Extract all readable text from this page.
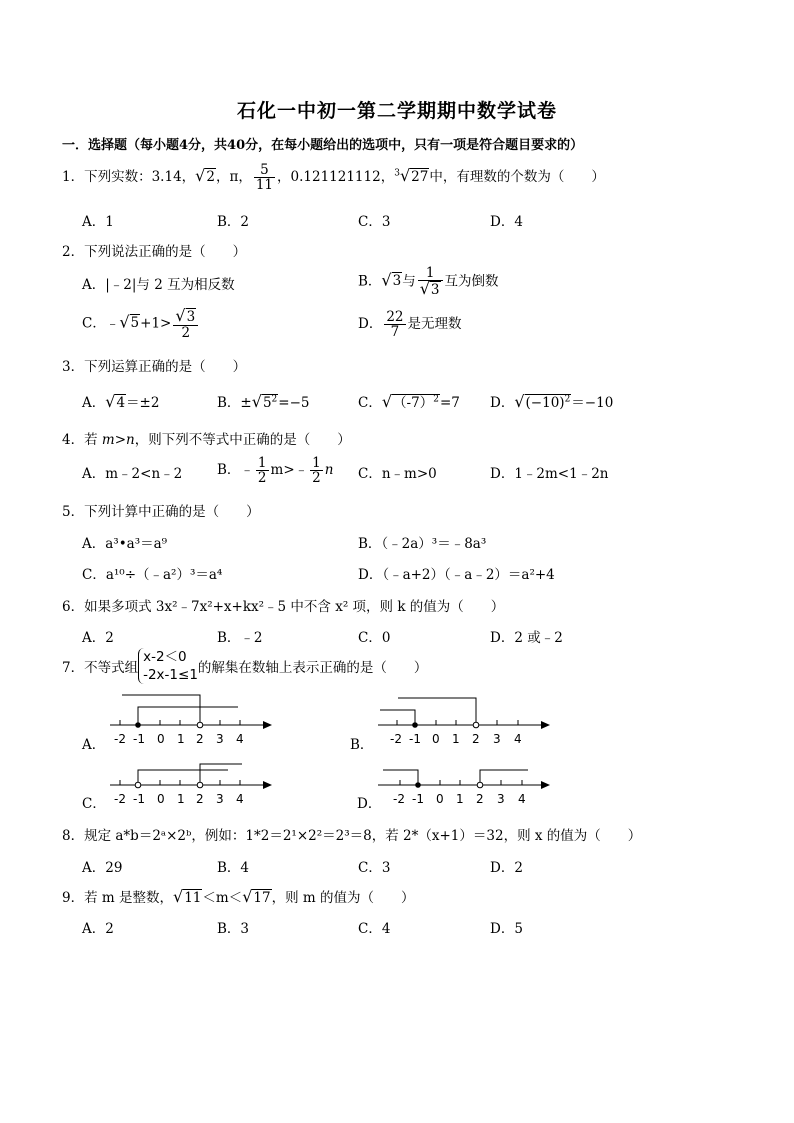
石化一中初一第二学期期中数学试卷
一．选择题（每小题4分，共40分，在每小题给出的选项中，只有一项是符合题目要求的）
1．下列实数：3.14，√2，π， $\frac{5}{11}$ ，0.121121112，$^3$√27中，有理数的个数为（　　）
A．1	B．2	C．3	D．4
2．下列说法正确的是（　　）
A．|﹣2|与 2 互为相反数	B．√3与 $\frac{1}{√3}$ 互为倒数
C．﹣√5+1> $\frac{√3}{2}$	D． $\frac{22}{7}$ 是无理数
3．下列运算正确的是（　　）
A．√4＝±2	B．$\pm√5^2=-5$	C．$√(-7)^2=7$ D．$√(-10)^2=-10$
4．若 m>n，则下列不等式中正确的是（　　）
A．m﹣2<n﹣2	B．﹣ $\frac{1}{2}$ m>﹣ $\frac{1}{2}$ n C．n﹣m>0	D．1﹣2m<1﹣2n
5．下列计算中正确的是（　　）
A．a³•a³＝a⁹	B．（﹣2a）³＝﹣8a³
C．a¹⁰÷（﹣a²）³＝a⁴	D．（﹣a+2）（﹣a﹣2）＝a²+4
6．如果多项式 3x²﹣7x²+x+kx²﹣5 中不含 x² 项，则 k 的值为（　　）
A．2	B．﹣2	C．0	D．2 或﹣2
7．不等式组x-2＜0
-2x-1≤1的解集在数轴上表示正确的是（　　）
A．	B．
C．	D．
-2 -1 0 1 2 3 4	-2 -1 0 1 2 3 4
-2 -1 0 1 2 3 4	-2 -1 0 1 2 3 4
8．规定 a*b＝2ᵃ×2ᵇ，例如：1*2＝2¹×2²＝2³＝8，若 2*（x+1）＝32，则 x 的值为（　　）
A．29	B．4	C．3	D．2
9．若 m 是整数，√11＜m＜√17，则 m 的值为（　　）
A．2	B．3	C．4	D．5
